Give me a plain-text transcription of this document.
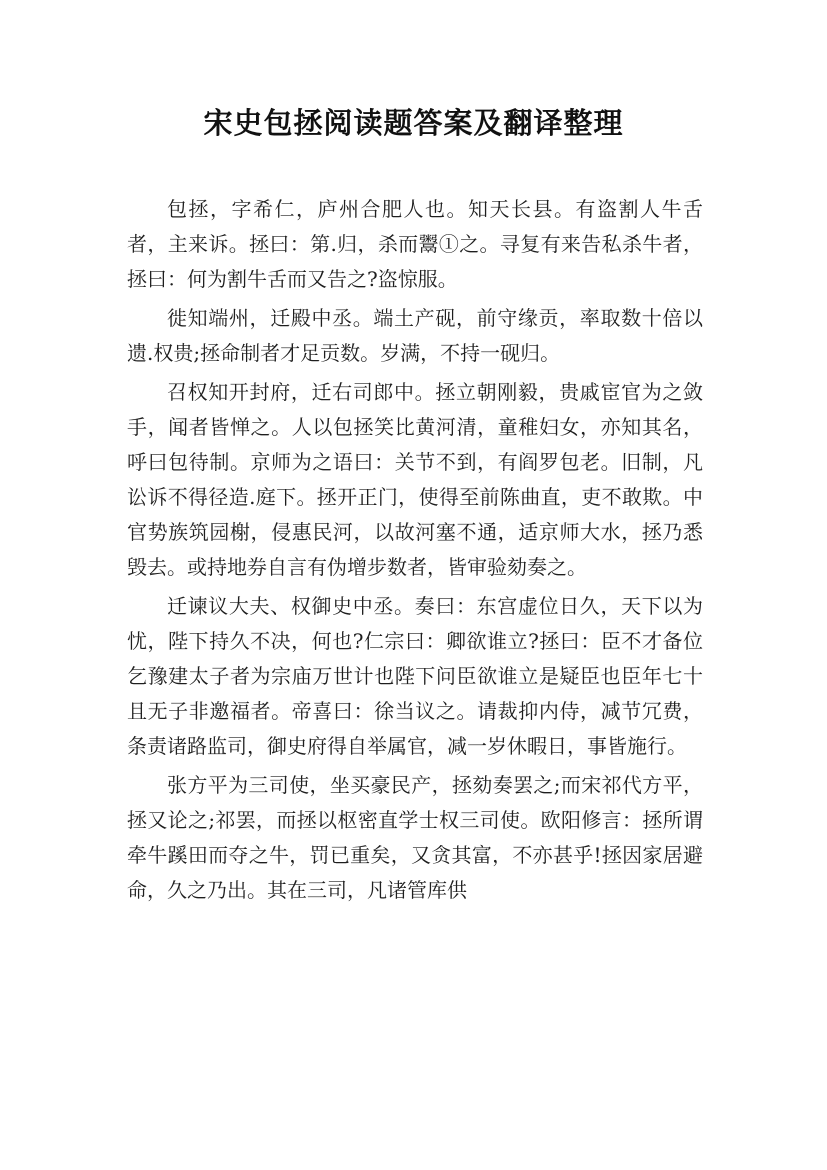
宋史包拯阅读题答案及翻译整理

包拯，字希仁，庐州合肥人也。知天长县。有盗割人牛舌者，主来诉。拯曰：第.归，杀而鬻①之。寻复有来告私杀牛者，拯曰：何为割牛舌而又告之?盗惊服。

徙知端州，迁殿中丞。端土产砚，前守缘贡，率取数十倍以遗.权贵;拯命制者才足贡数。岁满，不持一砚归。

召权知开封府，迁右司郎中。拯立朝刚毅，贵戚宦官为之敛手，闻者皆惮之。人以包拯笑比黄河清，童稚妇女，亦知其名，呼曰包待制。京师为之语曰：关节不到，有阎罗包老。旧制，凡讼诉不得径造.庭下。拯开正门，使得至前陈曲直，吏不敢欺。中官势族筑园榭，侵惠民河，以故河塞不通，适京师大水，拯乃悉毁去。或持地券自言有伪增步数者，皆审验劾奏之。

迁谏议大夫、权御史中丞。奏曰：东宫虚位日久，天下以为忧，陛下持久不决，何也?仁宗曰：卿欲谁立?拯曰：臣不才备位乞豫建太子者为宗庙万世计也陛下问臣欲谁立是疑臣也臣年七十且无子非邀福者。帝喜曰：徐当议之。请裁抑内侍，减节冗费，条责诸路监司，御史府得自举属官，减一岁休暇日，事皆施行。

张方平为三司使，坐买豪民产，拯劾奏罢之;而宋祁代方平，拯又论之;祁罢，而拯以枢密直学士权三司使。欧阳修言：拯所谓牵牛蹊田而夺之牛，罚已重矣，又贪其富，不亦甚乎!拯因家居避命，久之乃出。其在三司，凡诸管库供
